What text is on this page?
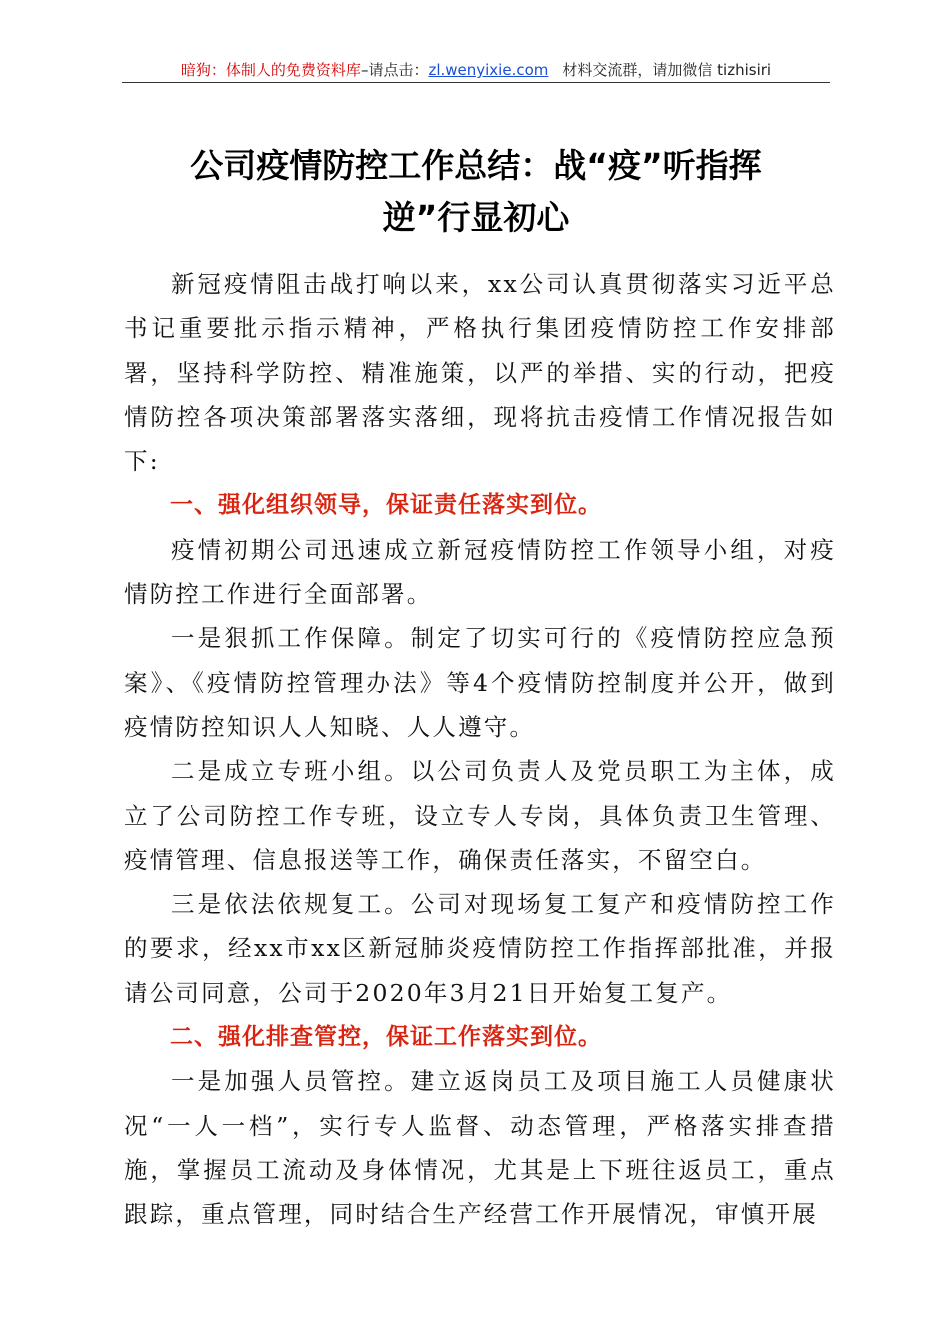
暗狗：体制人的免费资料库–请点击：zl.wenyixie.com 材料交流群，请加微信 tizhisiri
公司疫情防控工作总结：战“疫”听指挥
逆”行显初心

新冠疫情阻击战打响以来，xx公司认真贯彻落实习近平总书记重要批示指示精神，严格执行集团疫情防控工作安排部署，坚持科学防控、精准施策，以严的举措、实的行动，把疫情防控各项决策部署落实落细，现将抗击疫情工作情况报告如下:

一、强化组织领导，保证责任落实到位。

疫情初期公司迅速成立新冠疫情防控工作领导小组，对疫情防控工作进行全面部署。

一是狠抓工作保障。制定了切实可行的《疫情防控应急预案》、《疫情防控管理办法》等4个疫情防控制度并公开，做到疫情防控知识人人知晓、人人遵守。

二是成立专班小组。以公司负责人及党员职工为主体，成立了公司防控工作专班，设立专人专岗，具体负责卫生管理、疫情管理、信息报送等工作，确保责任落实，不留空白。

三是依法依规复工。公司对现场复工复产和疫情防控工作的要求，经xx市xx区新冠肺炎疫情防控工作指挥部批准，并报请公司同意，公司于2020年3月21日开始复工复产。

二、强化排查管控，保证工作落实到位。

一是加强人员管控。建立返岗员工及项目施工人员健康状况“一人一档”，实行专人监督、动态管理，严格落实排查措施，掌握员工流动及身体情况，尤其是上下班往返员工，重点跟踪，重点管理，同时结合生产经营工作开展情况，审慎开展
